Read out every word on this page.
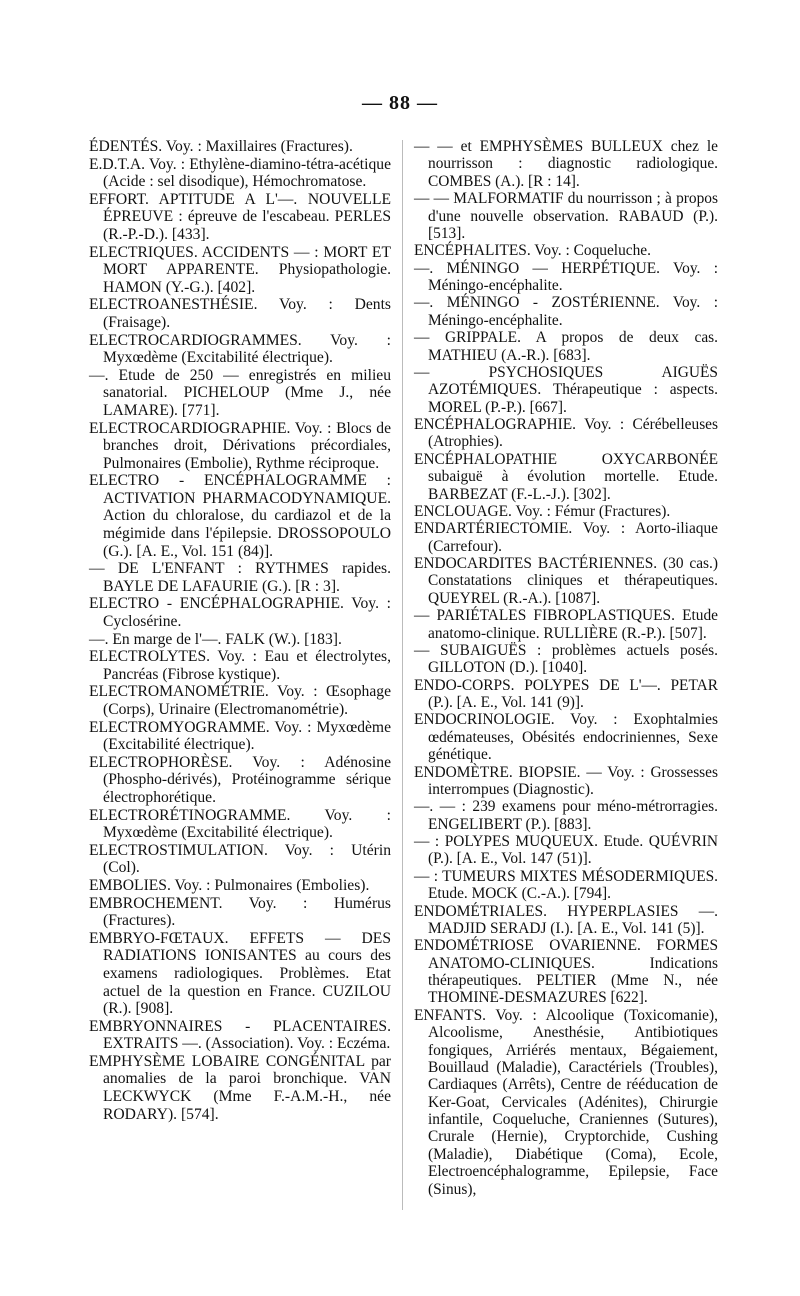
— 88 —

ÉDENTÉS. Voy. : Maxillaires (Fractures).

E.D.T.A. Voy. : Ethylène-diamino-tétra-acétique (Acide : sel disodique), Hémochromatose.

EFFORT. APTITUDE A L'—. NOUVELLE ÉPREUVE : épreuve de l'escabeau. PERLES (R.-P.-D.). [433].

ELECTRIQUES. ACCIDENTS — : MORT ET MORT APPARENTE. Physiopathologie. HAMON (Y.-G.). [402].

ELECTROANESTHÉSIE. Voy. : Dents (Fraisage).

ELECTROCARDIOGRAMMES. Voy. : Myxœdème (Excitabilité électrique).

—. Etude de 250 — enregistrés en milieu sanatorial. PICHELOUP (Mme J., née LAMARE). [771].

ELECTROCARDIOGRAPHIE. Voy. : Blocs de branches droit, Dérivations précordiales, Pulmonaires (Embolie), Rythme réciproque.

ELECTRO - ENCÉPHALOGRAMME : ACTIVATION PHARMACODYNAMIQUE. Action du chloralose, du cardiazol et de la mégimide dans l'épilepsie. DROSSOPOULO (G.). [A. E., Vol. 151 (84)].

— DE L'ENFANT : RYTHMES rapides. BAYLE DE LAFAURIE (G.). [R : 3].

ELECTRO - ENCÉPHALOGRAPHIE. Voy. : Cyclosérine.

—. En marge de l'—. FALK (W.). [183].

ELECTROLYTES. Voy. : Eau et électrolytes, Pancréas (Fibrose kystique).

ELECTROMANOMÉTRIE. Voy. : Œsophage (Corps), Urinaire (Electromanométrie).

ELECTROMYOGRAMME. Voy. : Myxœdème (Excitabilité électrique).

ELECTROPHORÈSE. Voy. : Adénosine (Phospho-dérivés), Protéinogramme sérique électrophorétique.

ELECTRORÉTINOGRAMME. Voy. : Myxœdème (Excitabilité électrique).

ELECTROSTIMULATION. Voy. : Utérin (Col).

EMBOLIES. Voy. : Pulmonaires (Embolies).

EMBROCHEMENT. Voy. : Humérus (Fractures).

EMBRYO-FŒTAUX. EFFETS — DES RADIATIONS IONISANTES au cours des examens radiologiques. Problèmes. Etat actuel de la question en France. CUZILOU (R.). [908].

EMBRYONNAIRES - PLACENTAIRES. EXTRAITS —. (Association). Voy. : Eczéma.

EMPHYSÈME LOBAIRE CONGÉNITAL par anomalies de la paroi bronchique. VAN LECKWYCK (Mme F.-A.M.-H., née RODARY). [574].

— — et EMPHYSÈMES BULLEUX chez le nourrisson : diagnostic radiologique. COMBES (A.). [R : 14].

— — MALFORMATIF du nourrisson ; à propos d'une nouvelle observation. RABAUD (P.). [513].

ENCÉPHALITES. Voy. : Coqueluche.

—. MÉNINGO — HERPÉTIQUE. Voy. : Méningo-encéphalite.

—. MÉNINGO - ZOSTÉRIENNE. Voy. : Méningo-encéphalite.

— GRIPPALE. A propos de deux cas. MATHIEU (A.-R.). [683].

— PSYCHOSIQUES AIGUËS AZOTÉMIQUES. Thérapeutique : aspects. MOREL (P.-P.). [667].

ENCÉPHALOGRAPHIE. Voy. : Cérébelleuses (Atrophies).

ENCÉPHALOPATHIE OXYCARBONÉE subaiguë à évolution mortelle. Etude. BARBEZAT (F.-L.-J.). [302].

ENCLOUAGE. Voy. : Fémur (Fractures).

ENDARTÉRIECTOMIE. Voy. : Aorto-iliaque (Carrefour).

ENDOCARDITES BACTÉRIENNES. (30 cas.) Constatations cliniques et thérapeutiques. QUEYREL (R.-A.). [1087].

— PARIÉTALES FIBROPLASTIQUES. Etude anatomo-clinique. RULLIÈRE (R.-P.). [507].

— SUBAIGUËS : problèmes actuels posés. GILLOTON (D.). [1040].

ENDO-CORPS. POLYPES DE L'—. PETAR (P.). [A. E., Vol. 141 (9)].

ENDOCRINOLOGIE. Voy. : Exophtalmies œdémateuses, Obésités endocriniennes, Sexe génétique.

ENDOMÈTRE. BIOPSIE. — Voy. : Grossesses interrompues (Diagnostic).

—. — : 239 examens pour méno-métrorragies. ENGELIBERT (P.). [883].

— : POLYPES MUQUEUX. Etude. QUÉVRIN (P.). [A. E., Vol. 147 (51)].

— : TUMEURS MIXTES MÉSODERMIQUES. Etude. MOCK (C.-A.). [794].

ENDOMÉTRIALES. HYPERPLASIES —. MADJID SERADJ (I.). [A. E., Vol. 141 (5)].

ENDOMÉTRIOSE OVARIENNE. FORMES ANATOMO-CLINIQUES. Indications thérapeutiques. PELTIER (Mme N., née THOMINE-DESMAZURES [622].

ENFANTS. Voy. : Alcoolique (Toxicomanie), Alcoolisme, Anesthésie, Antibiotiques fongiques, Arriérés mentaux, Bégaiement, Bouillaud (Maladie), Caractériels (Troubles), Cardiaques (Arrêts), Centre de rééducation de Ker-Goat, Cervicales (Adénites), Chirurgie infantile, Coqueluche, Craniennes (Sutures), Crurale (Hernie), Cryptorchide, Cushing (Maladie), Diabétique (Coma), Ecole, Electroencéphalogramme, Epilepsie, Face (Sinus),
